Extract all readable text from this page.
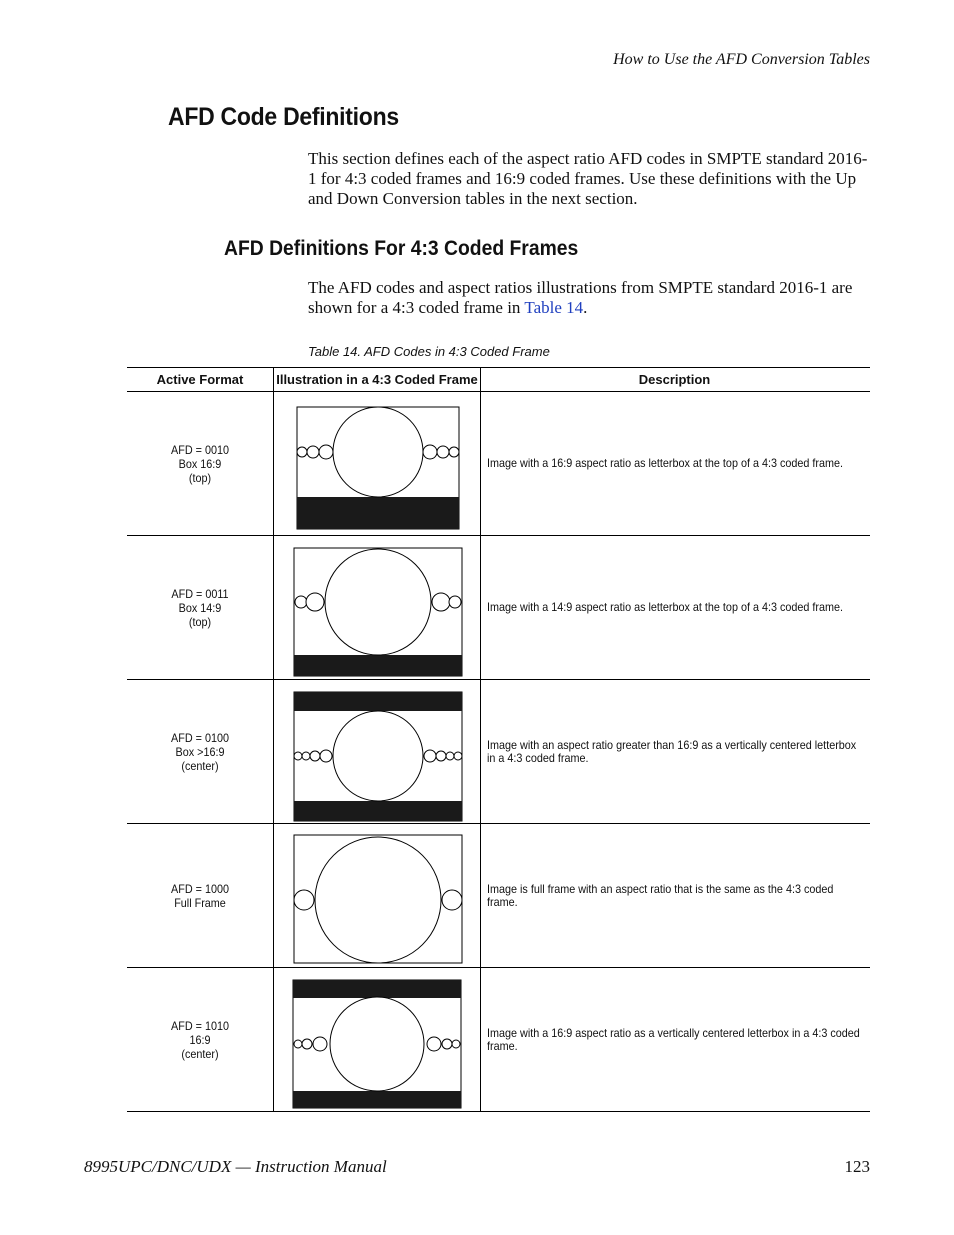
How to Use the AFD Conversion Tables
AFD Code Definitions
This section defines each of the aspect ratio AFD codes in SMPTE standard 2016-1 for 4:3 coded frames and 16:9 coded frames. Use these definitions with the Up and Down Conversion tables in the next section.
AFD Definitions For 4:3 Coded Frames
The AFD codes and aspect ratios illustrations from SMPTE standard 2016-1 are shown for a 4:3 coded frame in Table 14.
Table 14. AFD Codes in 4:3 Coded Frame
Active Format	Illustration in a 4:3 Coded Frame	Description

AFD = 0010
Box 16:9
(top)		Image with a 16:9 aspect ratio as letterbox at the top of a 4:3 coded frame.

AFD = 0011
Box 14:9
(top)		Image with a 14:9 aspect ratio as letterbox at the top of a 4:3 coded frame.

AFD = 0100
Box >16:9
(center)		Image with an aspect ratio greater than 16:9 as a vertically centered letterbox in a 4:3 coded frame.

AFD = 1000
Full Frame		Image is full frame with an aspect ratio that is the same as the 4:3 coded frame.

AFD = 1010
16:9
(center)		Image with a 16:9 aspect ratio as a vertically centered letterbox in a 4:3 coded frame.
8995UPC/DNC/UDX — Instruction Manual	123
